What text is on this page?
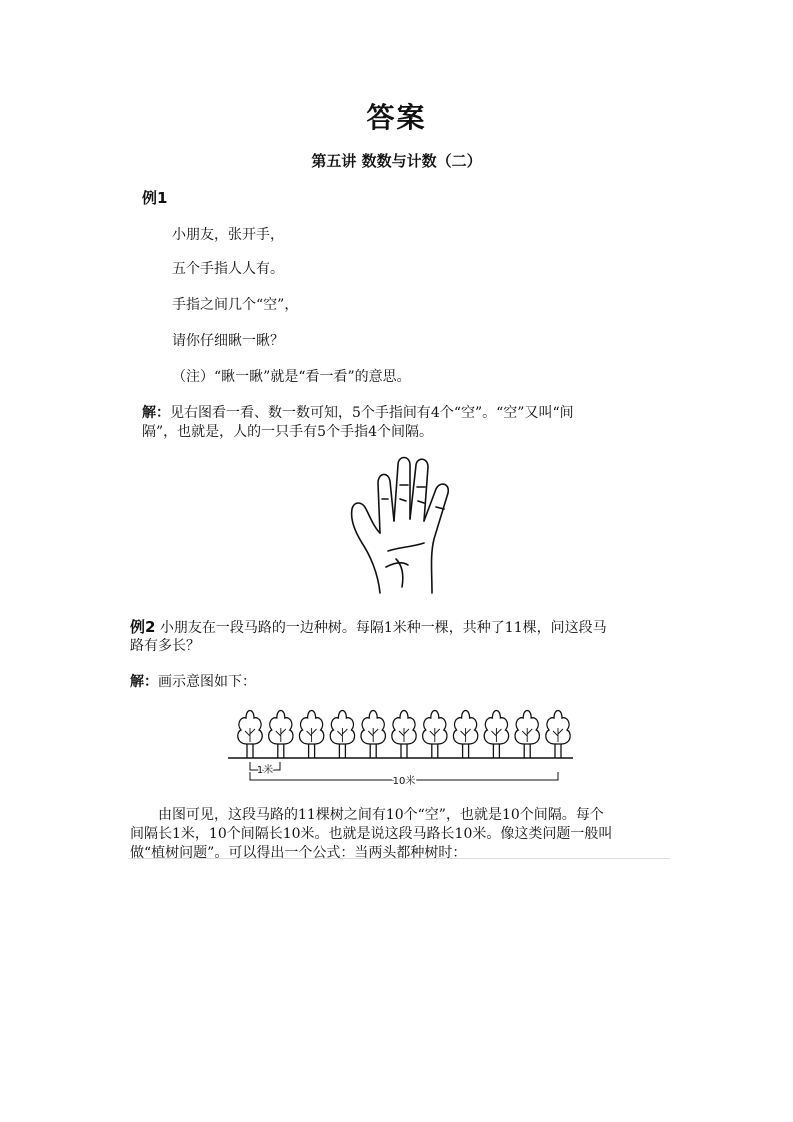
答案
第五讲 数数与计数（二）
例1
小朋友，张开手，
五个手指人人有。
手指之间几个“空”，
请你仔细瞅一瞅？
（注）“瞅一瞅”就是“看一看”的意思。
解：见右图看一看、数一数可知，5个手指间有4个“空”。“空”又叫“间
隔”，也就是，人的一只手有5个手指4个间隔。
例2 小朋友在一段马路的一边种树。每隔1米种一棵，共种了11棵，问这段马
路有多长？
解：画示意图如下：
1米
10米
由图可见，这段马路的11棵树之间有10个“空”，也就是10个间隔。每个
间隔长1米，10个间隔长10米。也就是说这段马路长10米。像这类问题一般叫
做“植树问题”。可以得出一个公式：当两头都种树时：
